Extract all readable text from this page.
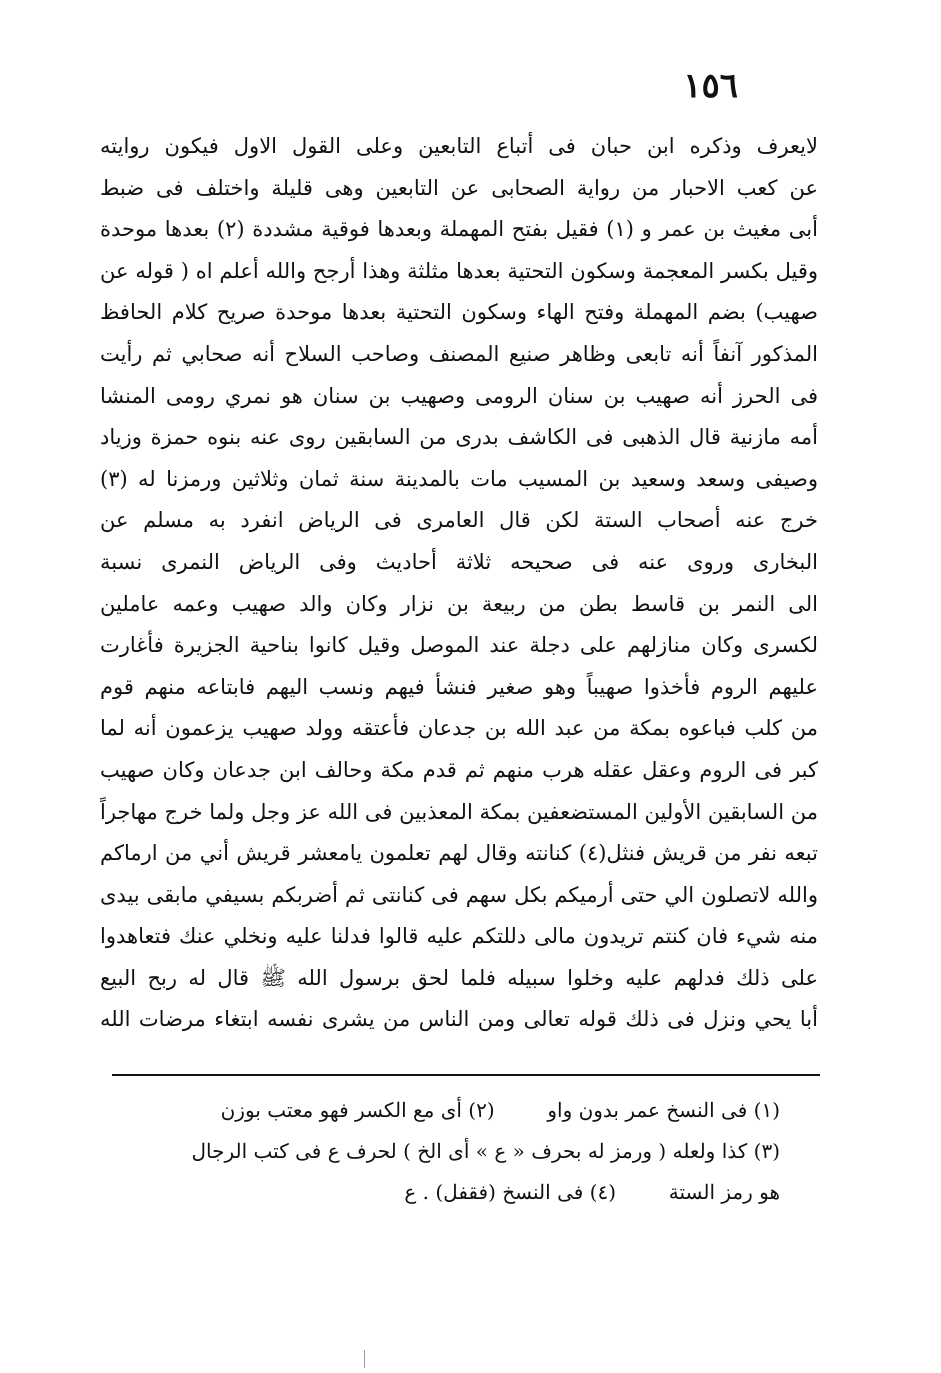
١٥٦
لايعرف وذكره ابن حبان فى أتباع التابعين وعلى القول الاول فيكون روايته
عن كعب الاحبار من رواية الصحابى عن التابعين وهى قليلة واختلف فى ضبط
أبى مغيث بن عمر و (١) فقيل بفتح المهملة وبعدها فوقية مشددة (٢) بعدها موحدة
وقيل بكسر المعجمة وسكون التحتية بعدها مثلثة وهذا أرجح والله أعلم اه ( قوله عن
صهيب) بضم المهملة وفتح الهاء وسكون التحتية بعدها موحدة صريح كلام الحافظ
المذكور آنفاً أنه تابعى وظاهر صنيع المصنف وصاحب السلاح أنه صحابي ثم رأيت
فى الحرز أنه صهيب بن سنان الرومى وصهيب بن سنان هو نمري رومى المنشا
أمه مازنية قال الذهبى فى الكاشف بدرى من السابقين روى عنه بنوه حمزة وزياد
وصيفى وسعد وسعيد بن المسيب مات بالمدينة سنة ثمان وثلاثين ورمزنا له (٣)
خرج عنه أصحاب الستة لكن قال العامرى فى الرياض انفرد به مسلم عن
البخارى وروى عنه فى صحيحه ثلاثة أحاديث وفى الرياض النمرى نسبة
الى النمر بن قاسط بطن من ربيعة بن نزار وكان والد صهيب وعمه عاملين
لكسرى وكان منازلهم على دجلة عند الموصل وقيل كانوا بناحية الجزيرة فأغارت
عليهم الروم فأخذوا صهيباً وهو صغير فنشأ فيهم ونسب اليهم فابتاعه منهم قوم
من كلب فباعوه بمكة من عبد الله بن جدعان فأعتقه وولد صهيب يزعمون أنه لما
كبر فى الروم وعقل عقله هرب منهم ثم قدم مكة وحالف ابن جدعان وكان صهيب
من السابقين الأولين المستضعفين بمكة المعذبين فى الله عز وجل ولما خرج مهاجراً
تبعه نفر من قريش فنثل(٤) كنانته وقال لهم تعلمون يامعشر قريش أني من ارماكم
والله لاتصلون الي حتى أرميكم بكل سهم فى كنانتى ثم أضربكم بسيفي مابقى بيدى
منه شيء فان كنتم تريدون مالى دللتكم عليه قالوا فدلنا عليه ونخلي عنك فتعاهدوا
على ذلك فدلهم عليه وخلوا سبيله فلما لحق برسول الله ﷺ قال له ربح البيع
أبا يحي ونزل فى ذلك قوله تعالى ومن الناس من يشرى نفسه ابتغاء مرضات الله
(١) فى النسخ عمر بدون واو  (٢) أى مع الكسر فهو معتب بوزن
(٣) كذا ولعله ( ورمز له بحرف « ع » أى الخ ) لحرف ع فى كتب الرجال
هو رمز الستة  (٤) فى النسخ (فقفل) . ع
